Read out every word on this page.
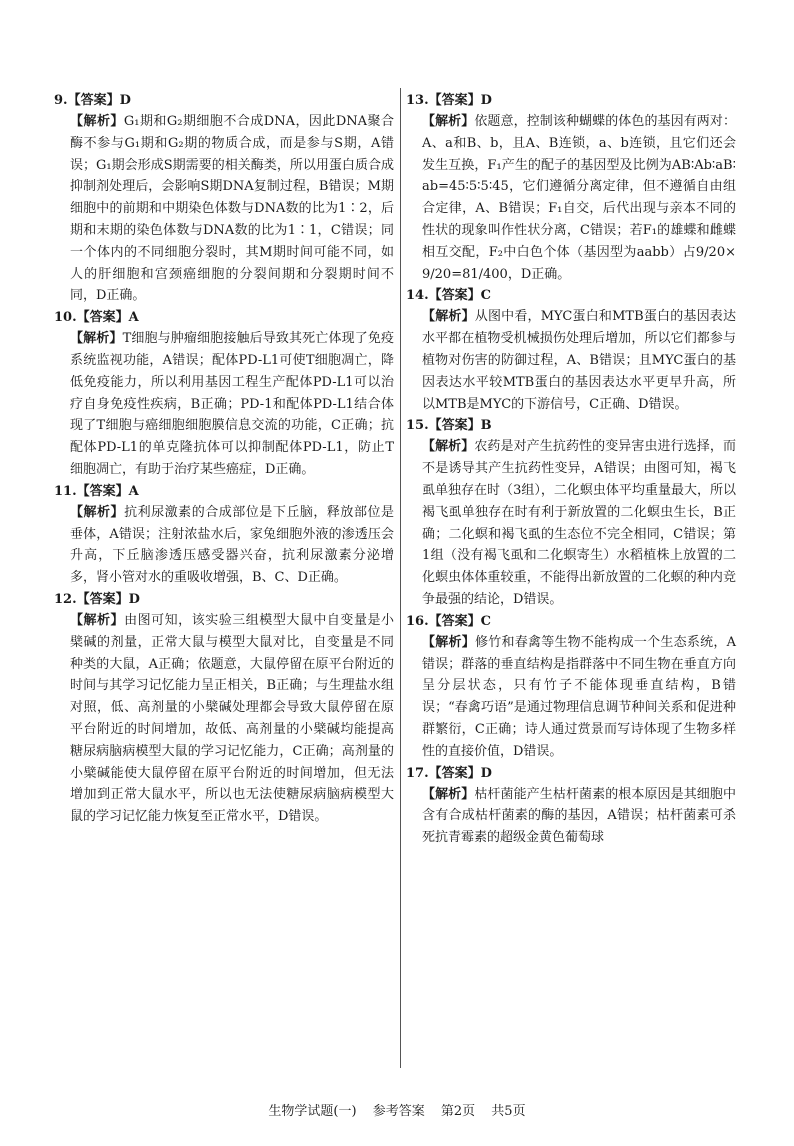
9.【答案】D

【解析】G₁期和G₂期细胞不合成DNA，因此DNA聚合酶不参与G₁期和G₂期的物质合成，而是参与S期，A错误；G₁期会形成S期需要的相关酶类，所以用蛋白质合成抑制剂处理后，会影响S期DNA复制过程，B错误；M期细胞中的前期和中期染色体数与DNA数的比为1∶2，后期和末期的染色体数与DNA数的比为1∶1，C错误；同一个体内的不同细胞分裂时，其M期时间可能不同，如人的肝细胞和宫颈癌细胞的分裂间期和分裂期时间不同，D正确。

10.【答案】A

【解析】T细胞与肿瘤细胞接触后导致其死亡体现了免疫系统监视功能，A错误；配体PD-L1可使T细胞凋亡，降低免疫能力，所以利用基因工程生产配体PD-L1可以治疗自身免疫性疾病，B正确；PD-1和配体PD-L1结合体现了T细胞与癌细胞细胞膜信息交流的功能，C正确；抗配体PD-L1的单克隆抗体可以抑制配体PD-L1，防止T细胞凋亡，有助于治疗某些癌症，D正确。

11.【答案】A

【解析】抗利尿激素的合成部位是下丘脑，释放部位是垂体，A错误；注射浓盐水后，家兔细胞外液的渗透压会升高，下丘脑渗透压感受器兴奋，抗利尿激素分泌增多，肾小管对水的重吸收增强，B、C、D正确。

12.【答案】D

【解析】由图可知，该实验三组模型大鼠中自变量是小檗碱的剂量，正常大鼠与模型大鼠对比，自变量是不同种类的大鼠，A正确；依题意，大鼠停留在原平台附近的时间与其学习记忆能力呈正相关，B正确；与生理盐水组对照，低、高剂量的小檗碱处理都会导致大鼠停留在原平台附近的时间增加，故低、高剂量的小檗碱均能提高糖尿病脑病模型大鼠的学习记忆能力，C正确；高剂量的小檗碱能使大鼠停留在原平台附近的时间增加，但无法增加到正常大鼠水平，所以也无法使糖尿病脑病模型大鼠的学习记忆能力恢复至正常水平，D错误。

13.【答案】D

【解析】依题意，控制该种蝴蝶的体色的基因有两对：A、a和B、b，且A、B连锁，a、b连锁，且它们还会发生互换，F₁产生的配子的基因型及比例为AB∶Ab∶aB∶ab=45∶5∶5∶45，它们遵循分离定律，但不遵循自由组合定律，A、B错误；F₁自交，后代出现与亲本不同的性状的现象叫作性状分离，C错误；若F₁的雄蝶和雌蝶相互交配，F₂中白色个体（基因型为aabb）占9/20×9/20=81/400，D正确。

14.【答案】C

【解析】从图中看，MYC蛋白和MTB蛋白的基因表达水平都在植物受机械损伤处理后增加，所以它们都参与植物对伤害的防御过程，A、B错误；且MYC蛋白的基因表达水平较MTB蛋白的基因表达水平更早升高，所以MTB是MYC的下游信号，C正确、D错误。

15.【答案】B

【解析】农药是对产生抗药性的变异害虫进行选择，而不是诱导其产生抗药性变异，A错误；由图可知，褐飞虱单独存在时（3组），二化螟虫体平均重量最大，所以褐飞虱单独存在时有利于新放置的二化螟虫生长，B正确；二化螟和褐飞虱的生态位不完全相同，C错误；第1组（没有褐飞虱和二化螟寄生）水稻植株上放置的二化螟虫体体重较重，不能得出新放置的二化螟的种内竞争最强的结论，D错误。

16.【答案】C

【解析】修竹和春禽等生物不能构成一个生态系统，A错误；群落的垂直结构是指群落中不同生物在垂直方向呈分层状态，只有竹子不能体现垂直结构，B错误；“春禽巧语”是通过物理信息调节种间关系和促进种群繁衍，C正确；诗人通过赏景而写诗体现了生物多样性的直接价值，D错误。

17.【答案】D

【解析】枯杆菌能产生枯杆菌素的根本原因是其细胞中含有合成枯杆菌素的酶的基因，A错误；枯杆菌素可杀死抗青霉素的超级金黄色葡萄球

生物学试题(一) 参考答案 第2页 共5页
